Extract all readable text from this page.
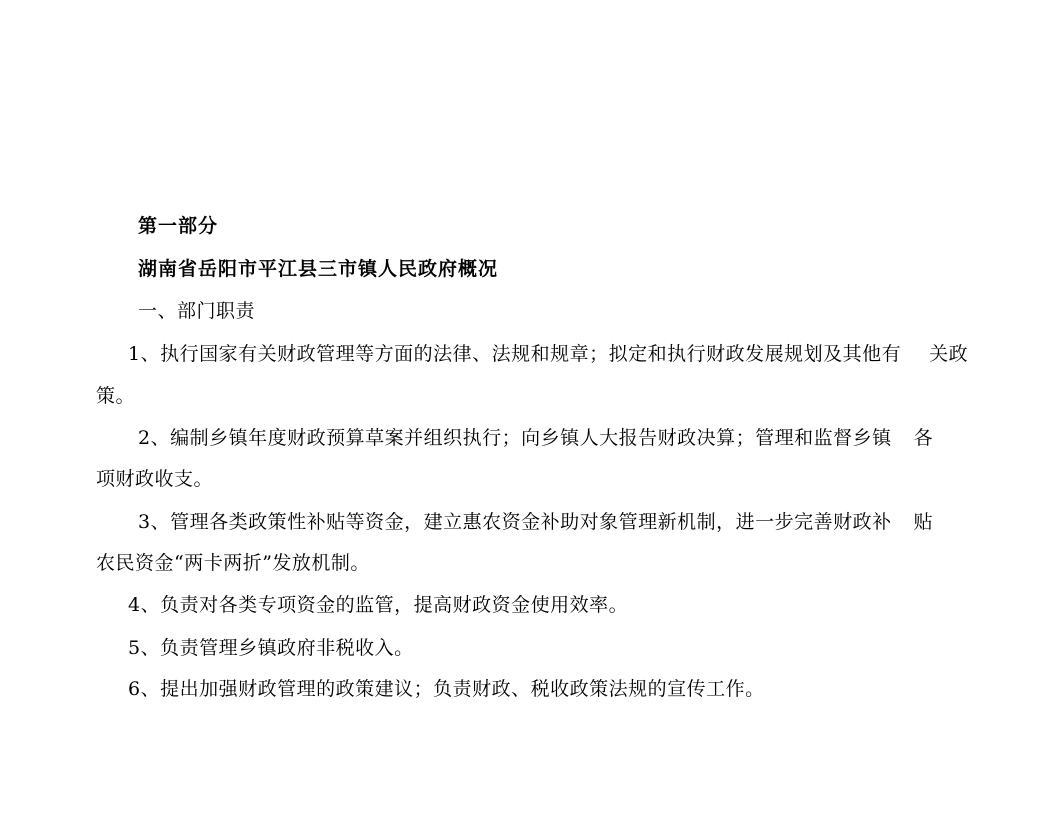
第一部分
湖南省岳阳市平江县三市镇人民政府概况
一、部门职责
1、执行国家有关财政管理等方面的法律、法规和规章；拟定和执行财政发展规划及其他有 关政
策。
2、编制乡镇年度财政预算草案并组织执行；向乡镇人大报告财政决算；管理和监督乡镇 各
项财政收支。
3、管理各类政策性补贴等资金，建立惠农资金补助对象管理新机制，进一步完善财政补 贴
农民资金“两卡两折”发放机制。
4、负责对各类专项资金的监管，提高财政资金使用效率。
5、负责管理乡镇政府非税收入。
6、提出加强财政管理的政策建议；负责财政、税收政策法规的宣传工作。
